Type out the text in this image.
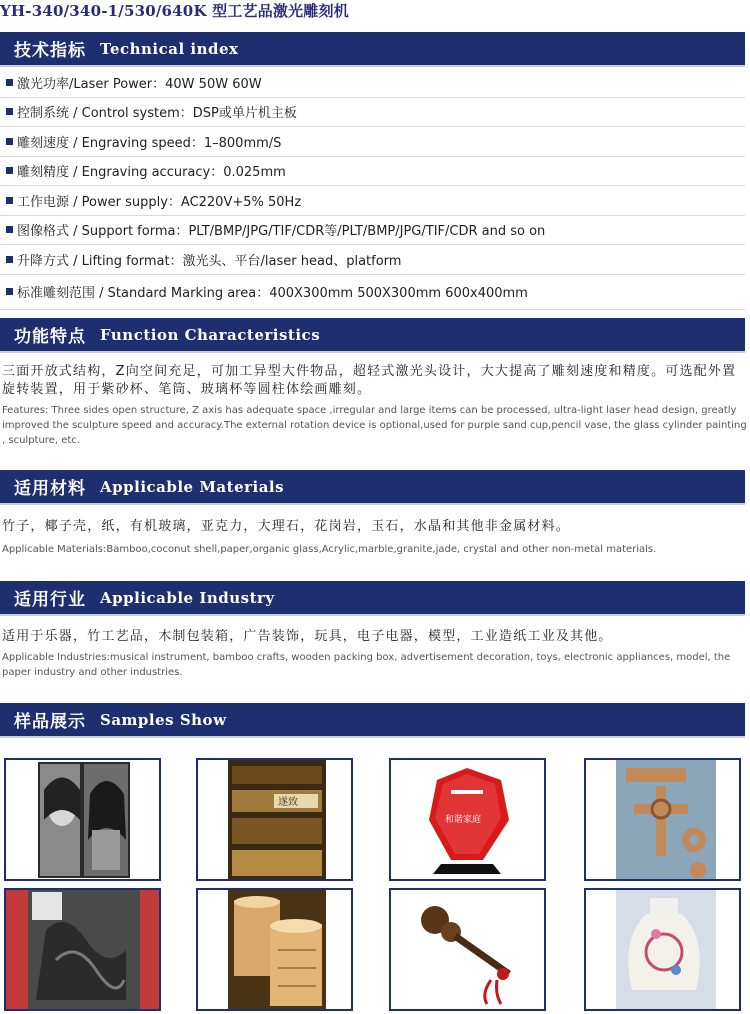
YH-340/340-1/530/640K 型工艺品激光雕刻机
技术指标 Technical index
激光功率/Laser Power：40W 50W 60W
控制系统 / Control system：DSP或单片机主板
雕刻速度 / Engraving speed：1–800mm/S
雕刻精度 / Engraving accuracy：0.025mm
工作电源 / Power supply：AC220V+5% 50Hz
图像格式 / Support forma：PLT/BMP/JPG/TIF/CDR等/PLT/BMP/JPG/TIF/CDR and so on
升降方式 / Lifting format：激光头、平台/laser head、platform
标准雕刻范围 / Standard Marking area：400X300mm 500X300mm 600x400mm
功能特点 Function Characteristics
三面开放式结构，Z向空间充足，可加工异型大件物品，超轻式激光头设计，大大提高了雕刻速度和精度。可选配外置旋转装置，用于紫砂杯、笔筒、玻璃杯等圆柱体绘画雕刻。
Features: Three sides open structure, Z axis has adequate space ,irregular and large items can be processed, ultra-light laser head design, greatly improved the sculpture speed and accuracy.The external rotation device is optional,used for purple sand cup,pencil vase, the glass cylinder painting , sculpture, etc.
适用材料 Applicable Materials
竹子，椰子壳，纸，有机玻璃，亚克力，大理石，花岗岩，玉石，水晶和其他非金属材料。
Applicable Materials:Bamboo,coconut shell,paper,organic glass,Acrylic,marble,granite,jade, crystal and other non-metal materials.
适用行业 Applicable Industry
适用于乐器，竹工艺品，木制包装箱，广告装饰，玩具，电子电器，模型，工业造纸工业及其他。
Applicable Industries:musical instrument, bamboo crafts, wooden packing box, advertisement decoration, toys, electronic appliances, model, the paper industry and other industries.
样品展示 Samples Show
遂致
和谐家庭
